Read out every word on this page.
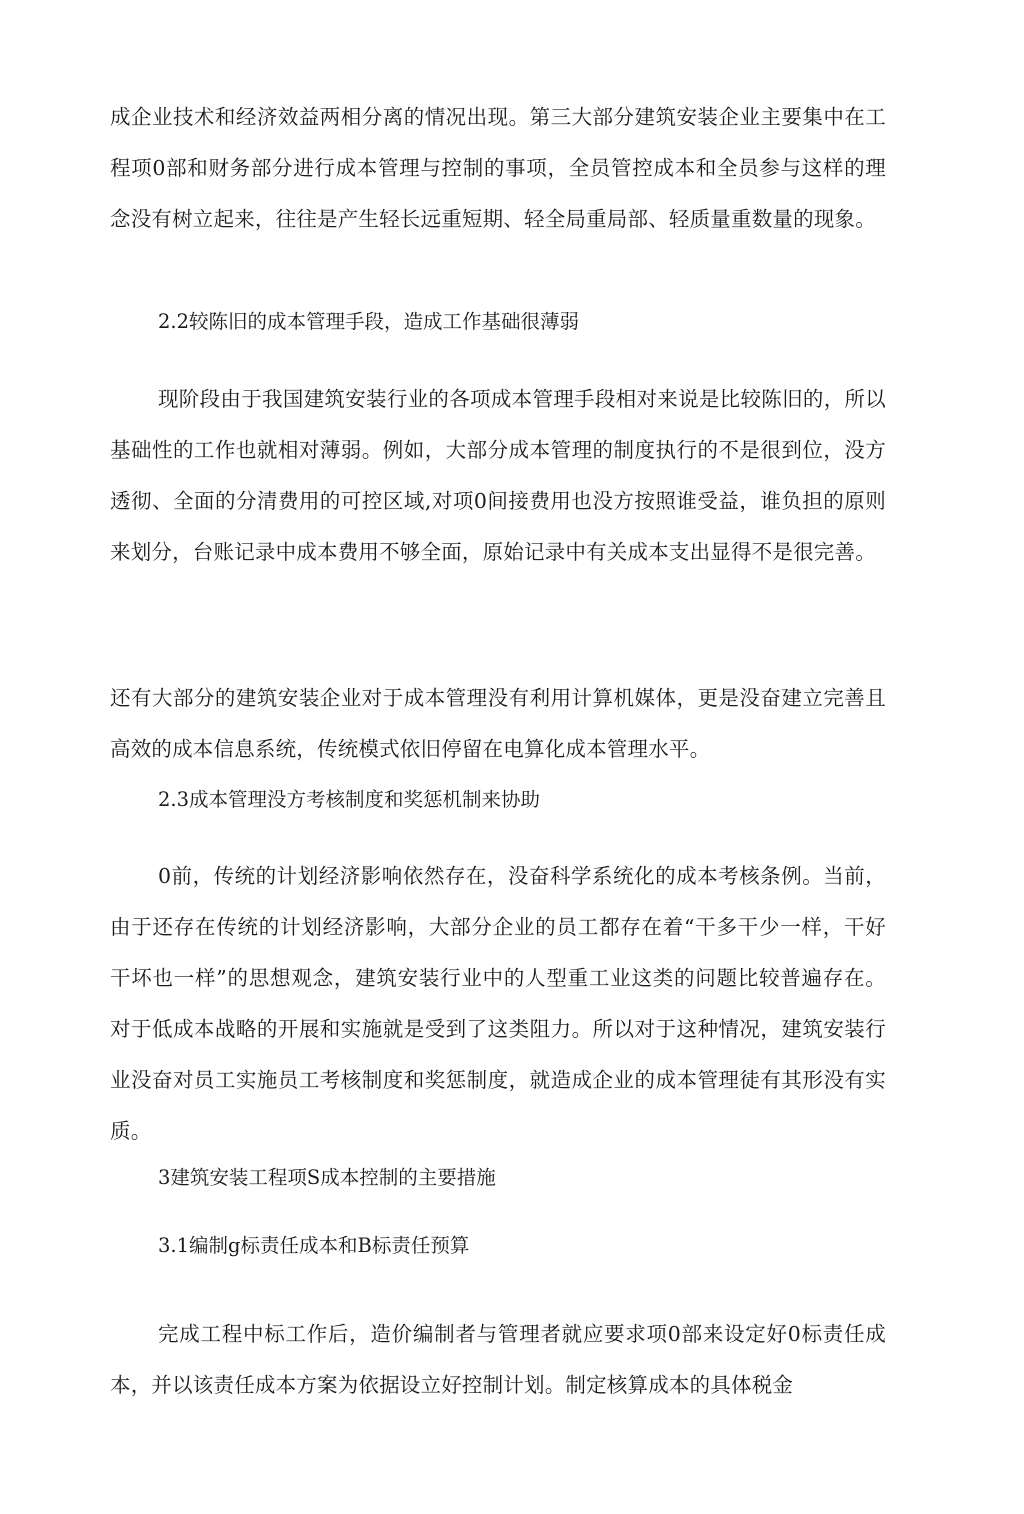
成企业技术和经济效益两相分离的情况出现。第三大部分建筑安装企业主要集中在工程项0部和财务部分进行成本管理与控制的事项，全员管控成本和全员参与这样的理念没有树立起来，往往是产生轻长远重短期、轻全局重局部、轻质量重数量的现象。

2.2较陈旧的成本管理手段，造成工作基础很薄弱

现阶段由于我国建筑安装行业的各项成本管理手段相对来说是比较陈旧的，所以基础性的工作也就相对薄弱。例如，大部分成本管理的制度执行的不是很到位，没方透彻、全面的分清费用的可控区域,对项0间接费用也没方按照谁受益，谁负担的原则来划分，台账记录中成本费用不够全面，原始记录中有关成本支出显得不是很完善。

还有大部分的建筑安装企业对于成本管理没有利用计算机媒体，更是没奋建立完善且高效的成本信息系统，传统模式依旧停留在电算化成本管理水平。

2.3成本管理没方考核制度和奖惩机制来协助

0前，传统的计划经济影响依然存在，没奋科学系统化的成本考核条例。当前，由于还存在传统的计划经济影响，大部分企业的员工都存在着“干多干少一样，干好干坏也一样”的思想观念，建筑安装行业中的人型重工业这类的问题比较普遍存在。对于低成本战略的开展和实施就是受到了这类阻力。所以对于这种情况，建筑安装行业没奋对员工实施员工考核制度和奖惩制度，就造成企业的成本管理徒有其形没有实质。

3建筑安装工程项S成本控制的主要措施

3.1编制g标责任成本和B标责任预算

完成工程中标工作后，造价编制者与管理者就应要求项0部来设定好0标责任成本，并以该责任成本方案为依据设立好控制计划。制定核算成本的具体税金
